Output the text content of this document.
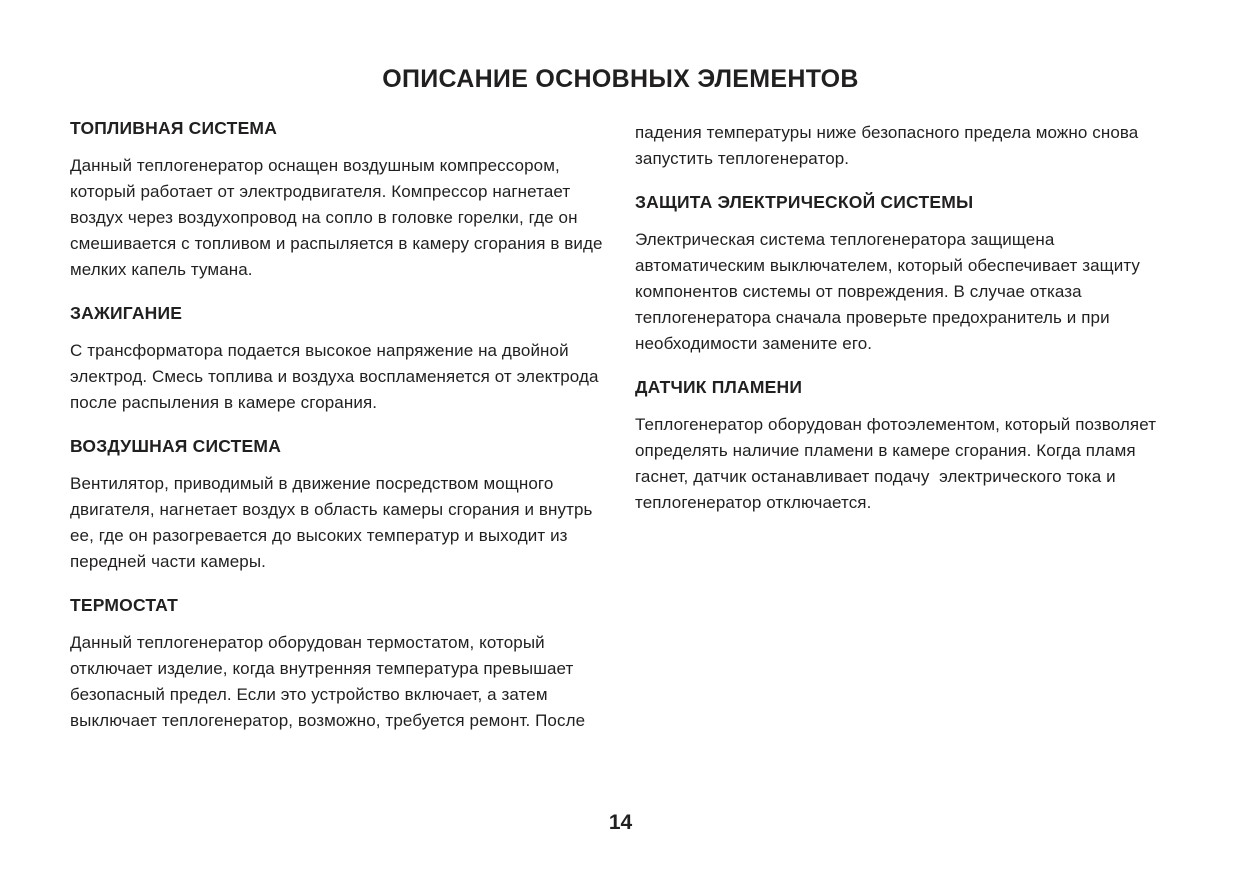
ОПИСАНИЕ ОСНОВНЫХ ЭЛЕМЕНТОВ
ТОПЛИВНАЯ СИСТЕМА

Данный теплогенератор оснащен воздушным компрессором, который работает от электродвигателя. Компрессор нагнетает воздух через воздухопровод на сопло в головке горелки, где он смешивается с топливом и распыляется в камеру сгорания в виде мелких капель тумана.

ЗАЖИГАНИЕ

С трансформатора подается высокое напряжение на двойной электрод. Смесь топлива и воздуха воспламеняется от электрода после распыления в камере сгорания.

ВОЗДУШНАЯ СИСТЕМА

Вентилятор, приводимый в движение посредством мощного двигателя, нагнетает воздух в область камеры сгорания и внутрь ее, где он разогревается до высоких температур и выходит из передней части камеры.

ТЕРМОСТАТ

Данный теплогенератор оборудован термостатом, который отключает изделие, когда внутренняя температура превышает безопасный предел. Если это устройство включает, а затем выключает теплогенератор, возможно, требуется ремонт. После

падения температуры ниже безопасного предела можно снова запустить теплогенератор.

ЗАЩИТА ЭЛЕКТРИЧЕСКОЙ СИСТЕМЫ

Электрическая система теплогенератора защищена автоматическим выключателем, который обеспечивает защиту компонентов системы от повреждения. В случае отказа теплогенератора сначала проверьте предохранитель и при необходимости замените его.

ДАТЧИК ПЛАМЕНИ

Теплогенератор оборудован фотоэлементом, который позволяет определять наличие пламени в камере сгорания. Когда пламя гаснет, датчик останавливает подачу  электрического тока и теплогенератор отключается.

14
